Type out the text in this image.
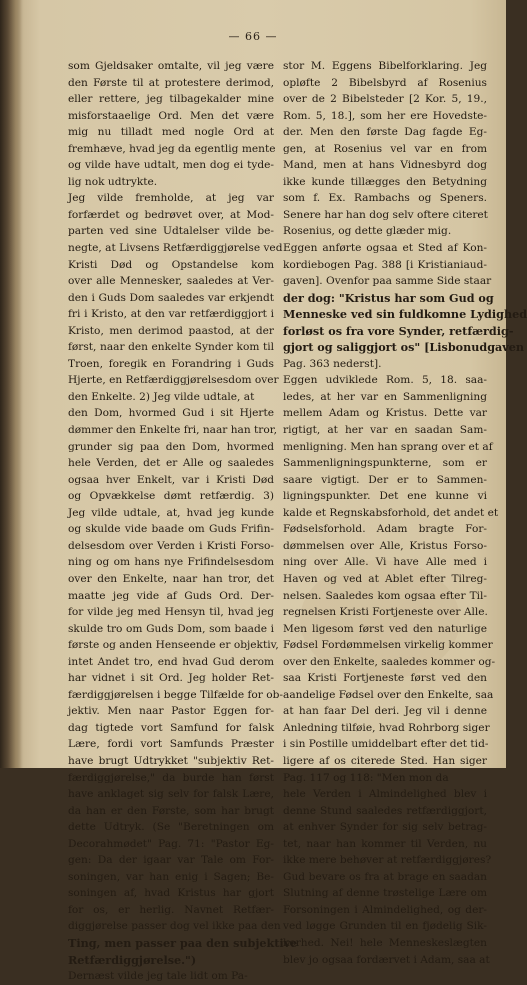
— 66 —
som Gjeldsaker omtalte, vil jeg være
den Første til at protestere derimod,
eller rettere, jeg tilbagekalder mine
misforstaaelige Ord. Men det være
mig nu tilladt med nogle Ord at
fremhæve, hvad jeg da egentlig mente
og vilde have udtalt, men dog ei tyde-
lig nok udtrykte.
Jeg vilde fremholde, at jeg var
forfærdet og bedrøvet over, at Mod-
parten ved sine Udtalelser vilde be-
negte, at Livsens Retfærdiggjørelse ved
Kristi Død og Opstandelse kom
over alle Mennesker, saaledes at Ver-
den i Guds Dom saaledes var erkjendt
fri i Kristo, at den var retfærdiggjort i
Kristo, men derimod paastod, at der
først, naar den enkelte Synder kom til
Troen, foregik en Forandring i Guds
Hjerte, en Retfærdiggjørelsesdom over
den Enkelte. 2) Jeg vilde udtale, at
den Dom, hvormed Gud i sit Hjerte
dømmer den Enkelte fri, naar han tror,
grunder sig paa den Dom, hvormed
hele Verden, det er Alle og saaledes
ogsaa hver Enkelt, var i Kristi Død
og Opvækkelse dømt retfærdig. 3)
Jeg vilde udtale, at, hvad jeg kunde
og skulde vide baade om Guds Frifin-
delsesdom over Verden i Kristi Forso-
ning og om hans nye Frifindelsesdom
over den Enkelte, naar han tror, det
maatte jeg vide af Guds Ord. Der-
for vilde jeg med Hensyn til, hvad jeg
skulde tro om Guds Dom, som baade i
første og anden Henseende er objektiv,
intet Andet tro, end hvad Gud derom
har vidnet i sit Ord. Jeg holder Ret-
færdiggjørelsen i begge Tilfælde for ob-
jektiv. Men naar Pastor Eggen for-
dag tigtede vort Samfund for falsk
Lære, fordi vort Samfunds Præster
have brugt Udtrykket "subjektiv Ret-
færdiggjørelse," da burde han først
have anklaget sig selv for falsk Lære,
da han er den Første, som har brugt
dette Udtryk. (Se "Beretningen om
Decorahmødet" Pag. 71: "Pastor Eg-
gen: Da der igaar var Tale om For-
soningen, var han enig i Sagen; Be-
soningen af, hvad Kristus har gjort
for os, er herlig. Navnet Retfær-
diggjørelse passer dog vel ikke paa den
Ting, men passer paa den subjektive
Retfærdiggjørelse.")
Dernæst vilde jeg tale lidt om Pa-
stor M. Eggens Bibelforklaring. Jeg
opløfte 2 Bibelsbyrd af Rosenius
over de 2 Bibelsteder [2 Kor. 5, 19.,
Rom. 5, 18.], som her ere Hovedste-
der. Men den første Dag fagde Eg-
gen, at Rosenius vel var en from
Mand, men at hans Vidnesbyrd dog
ikke kunde tillægges den Betydning
som f. Ex. Rambachs og Speners.
Senere har han dog selv oftere citeret
Rosenius, og dette glæder mig.
Eggen anførte ogsaa et Sted af Kon-
kordiebogen Pag. 388 [i Kristianiaud-
gaven]. Ovenfor paa samme Side staar
der dog: "Kristus har som Gud og
Menneske ved sin fuldkomne Lydighed
forløst os fra vore Synder, retfærdig-
gjort og saliggjort os" [Lisbonudgaven
Pag. 363 nederst].
Eggen udviklede Rom. 5, 18. saa-
ledes, at her var en Sammenligning
mellem Adam og Kristus. Dette var
rigtigt, at her var en saadan Sam-
menligning. Men han sprang over et af
Sammenligningspunkterne, som er
saare vigtigt. Der er to Sammen-
ligningspunkter. Det ene kunne vi
kalde et Regnskabsforhold, det andet et
Fødselsforhold. Adam bragte For-
dømmelsen over Alle, Kristus Forso-
ning over Alle. Vi have Alle med i
Haven og ved at Ablet efter Tilreg-
nelsen. Saaledes kom ogsaa efter Til-
regnelsen Kristi Fortjeneste over Alle.
Men ligesom først ved den naturlige
Fødsel Fordømmelsen virkelig kommer
over den Enkelte, saaledes kommer og-
saa Kristi Fortjeneste først ved den
aandelige Fødsel over den Enkelte, saa
at han faar Del deri. Jeg vil i denne
Anledning tilføie, hvad Rohrborg siger
i sin Postille umiddelbart efter det tid-
ligere af os citerede Sted. Han siger
Pag. 117 og 118: "Men mon da
hele Verden i Almindelighed blev i
denne Stund saaledes retfærdiggjort,
at enhver Synder for sig selv betrag-
tet, naar han kommer til Verden, nu
ikke mere behøver at retfærdiggjøres?
Gud bevare os fra at brage en saadan
Slutning af denne trøstelige Lære om
Forsoningen i Almindelighed, og der-
ved løgge Grunden til en fjødelig Sik-
kerhed. Nei! hele Menneskeslægten
blev jo ogsaa fordærvet i Adam, saa at
